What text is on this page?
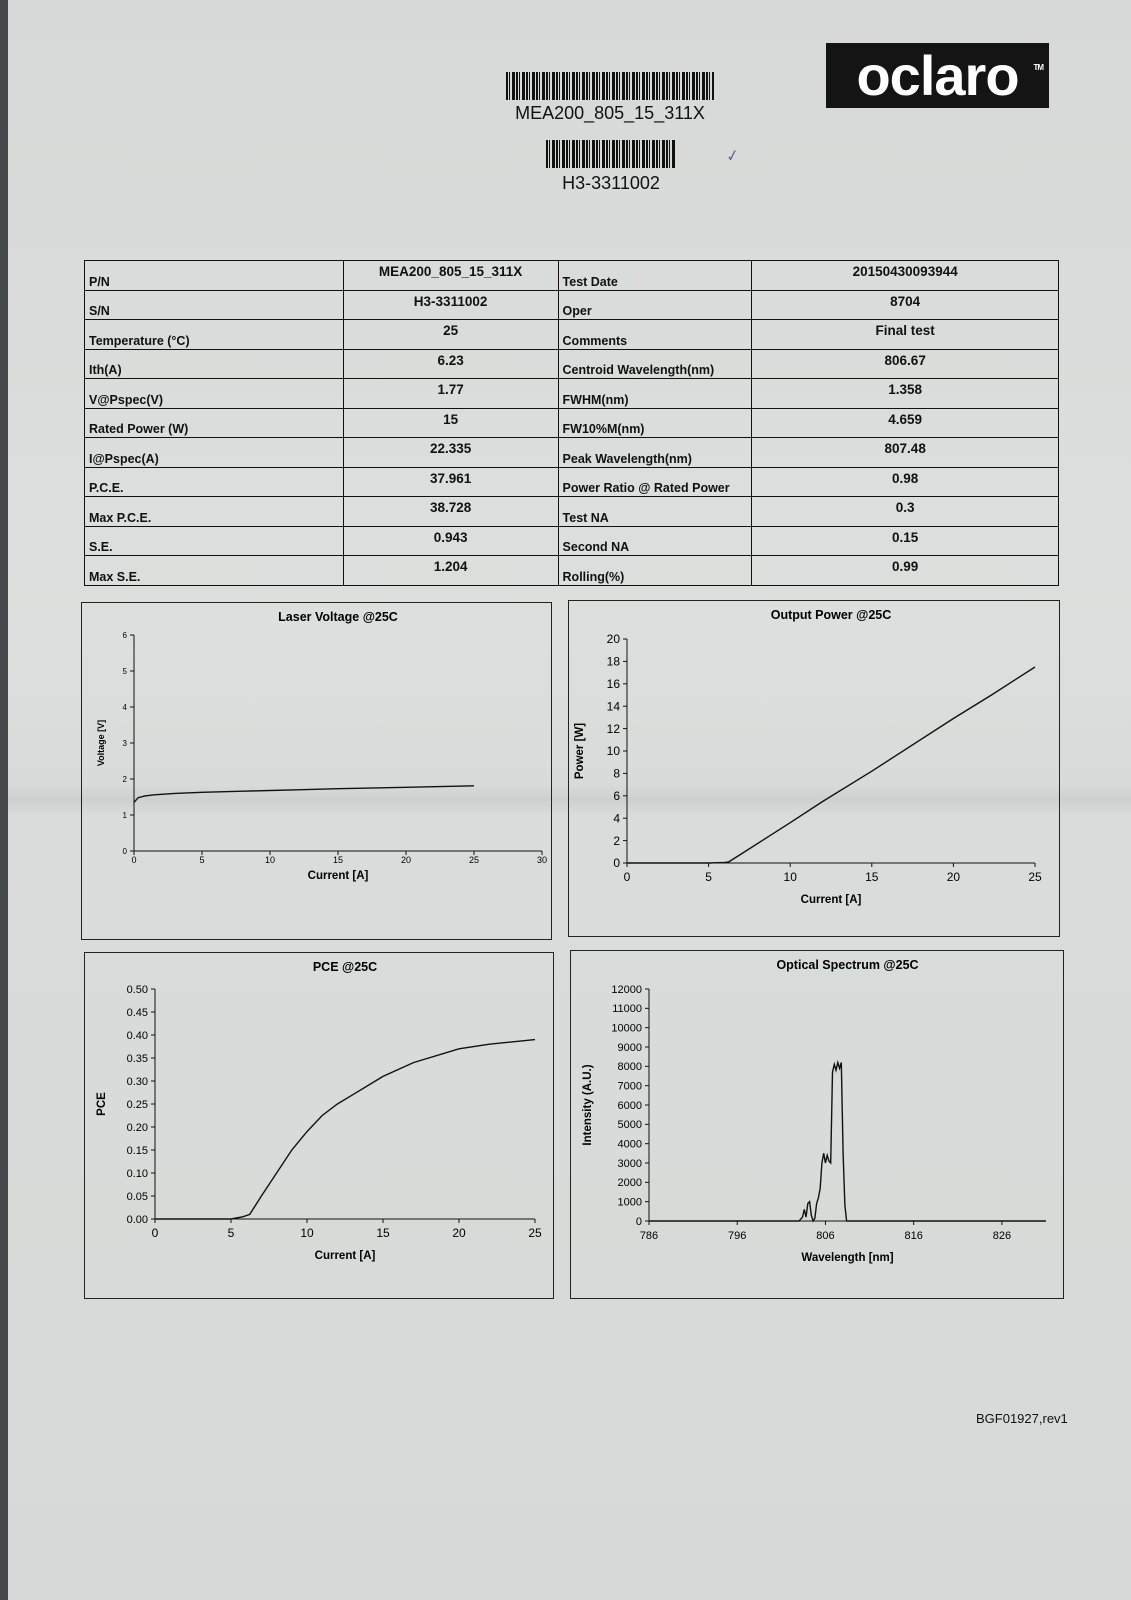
MEA200_805_15_311X
H3-3311002
✓
oclaro TM
P/N	MEA200_805_15_311X	Test Date	20150430093944
S/N	H3-3311002	Oper	8704
Temperature (°C)	25	Comments	Final test
Ith(A)	6.23	Centroid Wavelength(nm)	806.67
V@Pspec(V)	1.77	FWHM(nm)	1.358
Rated Power (W)	15	FW10%M(nm)	4.659
I@Pspec(A)	22.335	Peak Wavelength(nm)	807.48
P.C.E.	37.961	Power Ratio @ Rated Power	0.98
Max P.C.E.	38.728	Test NA	0.3
S.E.	0.943	Second NA	0.15
Max S.E.	1.204	Rolling(%)	0.99
Laser Voltage @25C
0
1
2
3
4
5
6
0	5	10	15	20	25	30
Current [A]
Voltage [V]
Output Power @25C
0
2
4
6
8
10
12
14
16
18
20
0	5	10	15	20	25
Current [A]
Power [W]
PCE @25C
0.00
0.05
0.10
0.15
0.20
0.25
0.30
0.35
0.40
0.45
0.50
0	5	10	15	20	25
Current [A]
PCE
Optical Spectrum @25C
0
1000
2000
3000
4000
5000
6000
7000
8000
9000
10000
11000
12000
786	796	806	816	826
Wavelength [nm]
Intensity (A.U.)
BGF01927,rev1
